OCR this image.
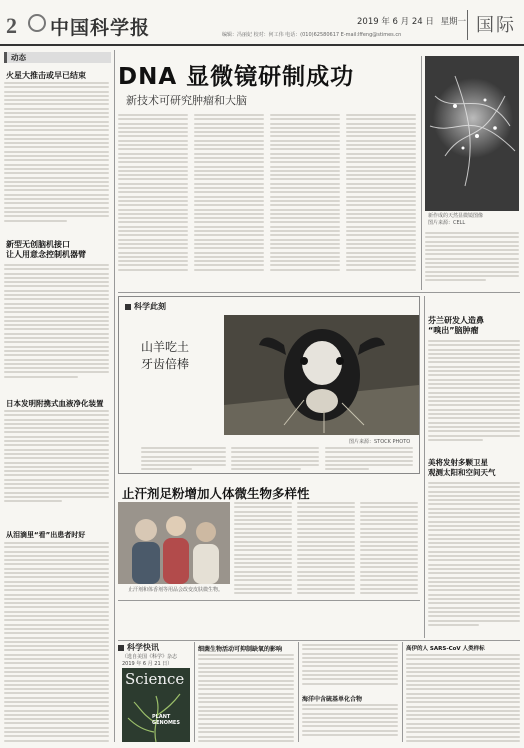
2 中国科学报	2019 年 6 月 24 日 星期一
编辑：冯丽妃 校对：何工伟 电话：(010)62580617 E-mail:lffeng@stimes.cn	国际
动态
火星大推击或早已结束
新型无创脑机接口
让人用意念控制机器臂
日本发明附携式血液净化装置
从泪滴里“看”出患者时好
DNA 显微镜研制成功
新技术可研究肿瘤和大脑
新作成的天然显微镜图像
图片来源：CELL
科学此刻
山羊吃土
牙齿倍棒
图片来源：STOCK PHOTO
芬兰研发人造鼻
“嗅出”脑肿瘤
美将发射多颗卫星
观测太阳和空间天气
止汗剂足粉增加人体微生物多样性
止汗剂和体香剂等用品会改变皮肤微生物。
科学快讯
（选自美国《科学》杂志
2019 年 6 月 21 日）
Science
PLANT
GENOMES
细菌生物活动可抑制缺氧的影响
海洋中含硫基单化合物
高伊的人 SARS-CoV 人类样标
